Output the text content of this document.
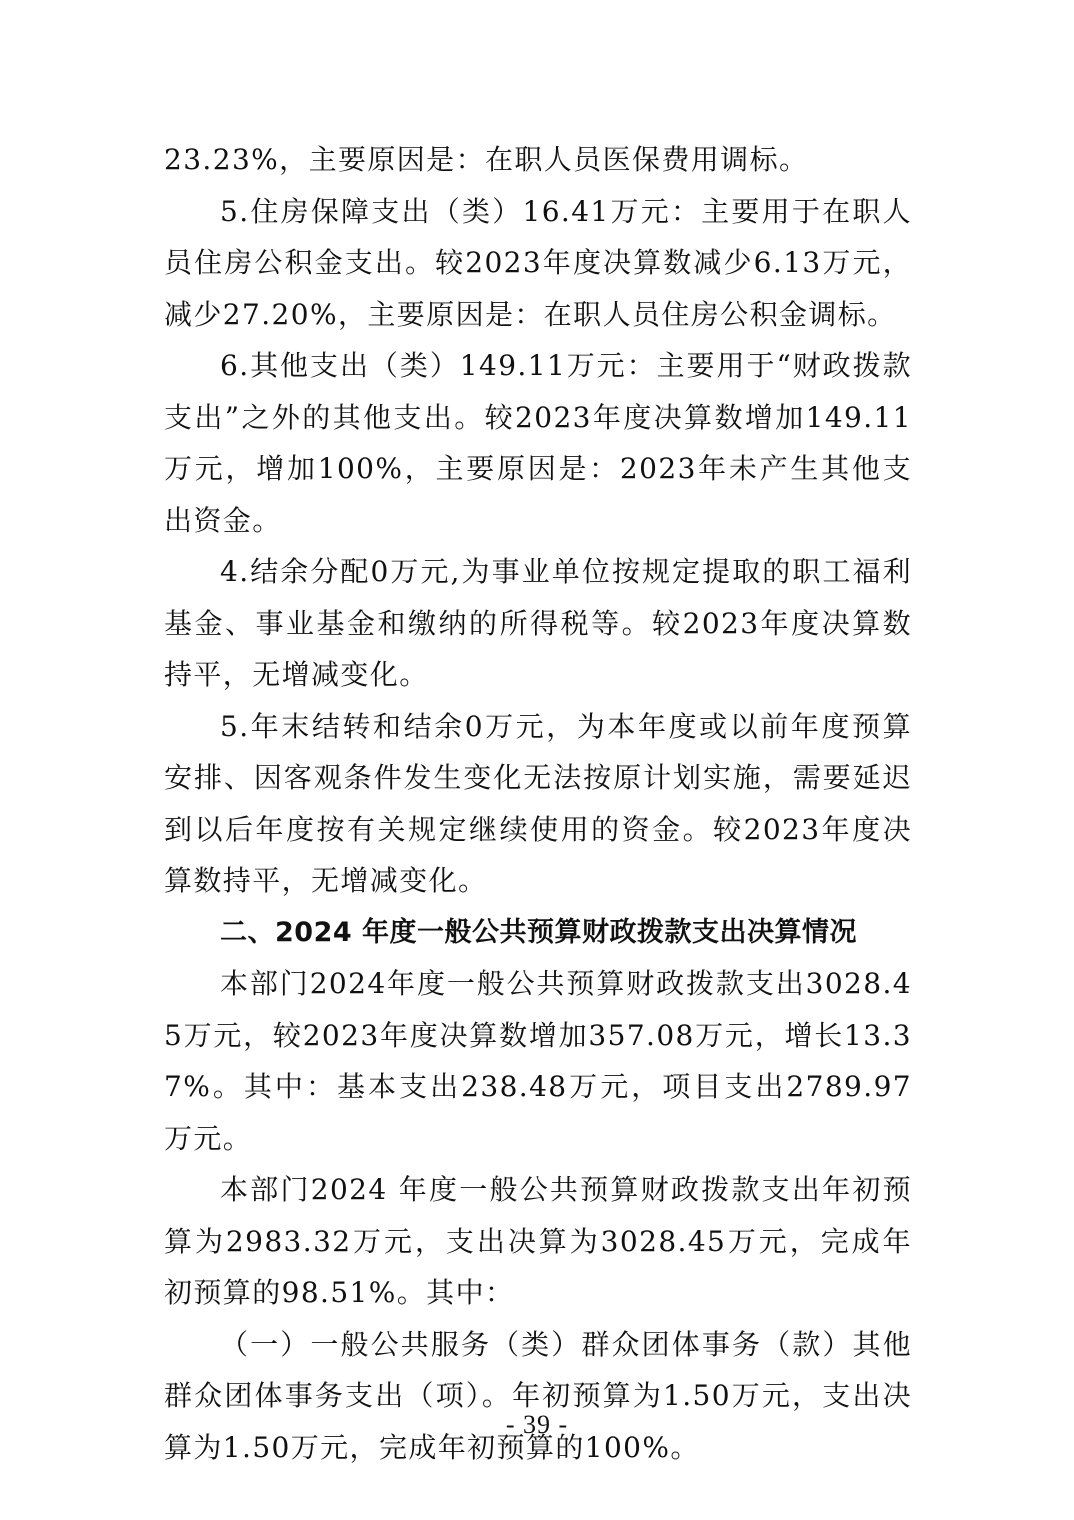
23.23%，主要原因是：在职人员医保费用调标。

5.住房保障支出（类）16.41万元：主要用于在职人员住房公积金支出。较2023年度决算数减少6.13万元，减少27.20%，主要原因是：在职人员住房公积金调标。

6.其他支出（类）149.11万元：主要用于“财政拨款支出”之外的其他支出。较2023年度决算数增加149.11万元，增加100%，主要原因是：2023年未产生其他支出资金。

4.结余分配0万元,为事业单位按规定提取的职工福利基金、事业基金和缴纳的所得税等。较2023年度决算数持平，无增减变化。

5.年末结转和结余0万元，为本年度或以前年度预算安排、因客观条件发生变化无法按原计划实施，需要延迟到以后年度按有关规定继续使用的资金。较2023年度决算数持平，无增减变化。

二、2024 年度一般公共预算财政拨款支出决算情况

本部门2024年度一般公共预算财政拨款支出3028.45万元，较2023年度决算数增加357.08万元，增长13.37%。其中：基本支出238.48万元，项目支出2789.97万元。

本部门2024 年度一般公共预算财政拨款支出年初预算为2983.32万元，支出决算为3028.45万元，完成年初预算的98.51%。其中：

（一）一般公共服务（类）群众团体事务（款）其他群众团体事务支出（项）。年初预算为1.50万元，支出决算为1.50万元，完成年初预算的100%。

- 39 -
